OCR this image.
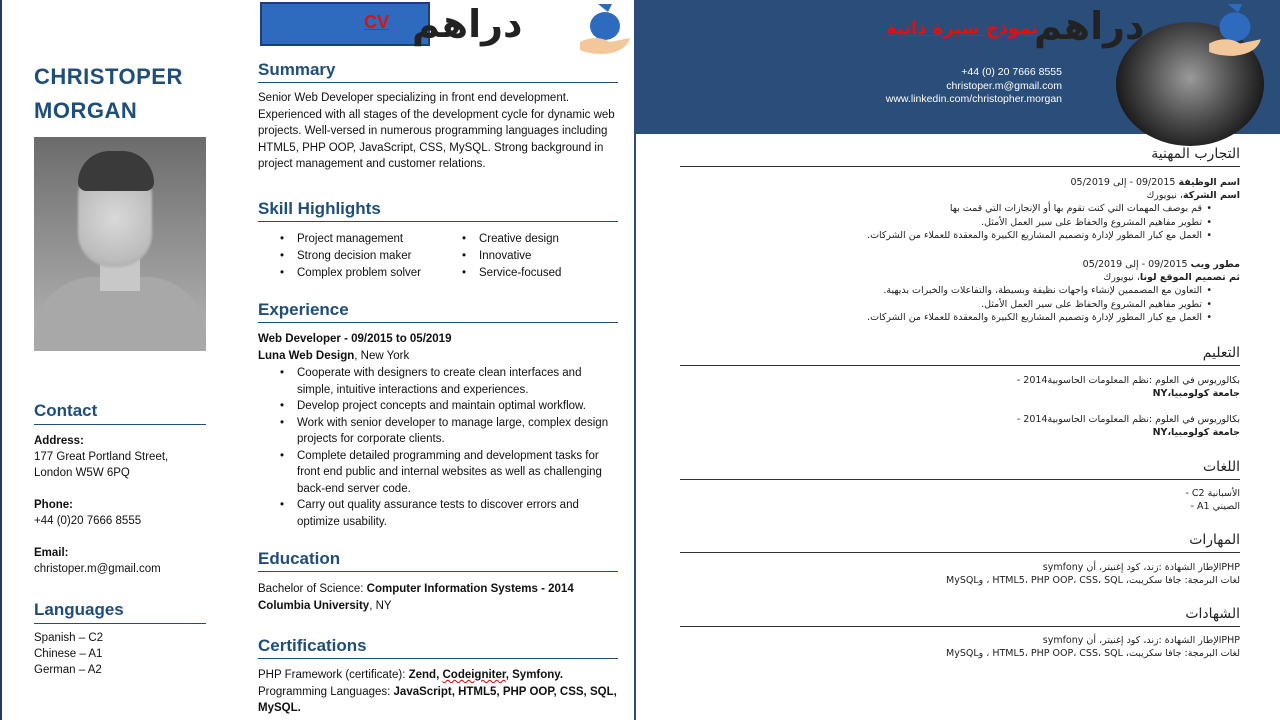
CV دراهم
CHRISTOPER
MORGAN
Contact
Address:
177 Great Portland Street,
London W5W 6PQ
Phone:
+44 (0)20 7666 8555
Email:
christoper.m@gmail.com
Languages
Spanish – C2
Chinese – A1
German – A2
Summary
Senior Web Developer specializing in front end development. Experienced with all stages of the development cycle for dynamic web projects. Well-versed in numerous programming languages including HTML5, PHP OOP, JavaScript, CSS, MySQL. Strong background in project management and customer relations.
Skill Highlights
• Project management
• Strong decision maker
• Complex problem solver
• Creative design
• Innovative
• Service-focused
Experience
Web Developer - 09/2015 to 05/2019
Luna Web Design, New York
• Cooperate with designers to create clean interfaces and simple, intuitive interactions and experiences.
• Develop project concepts and maintain optimal workflow.
• Work with senior developer to manage large, complex design projects for corporate clients.
• Complete detailed programming and development tasks for front end public and internal websites as well as challenging back-end server code.
• Carry out quality assurance tests to discover errors and optimize usability.
Education
Bachelor of Science: Computer Information Systems - 2014
Columbia University, NY
Certifications
PHP Framework (certificate): Zend, Codeigniter, Symfony.
Programming Languages: JavaScript, HTML5, PHP OOP, CSS, SQL,
MySQL.
نموذج سيرة ذاتية
دراهم
+44 (0) 20 7666 8555
christoper.m@gmail.com
www.linkedin.com/christopher.morgan
التجارب المهنية
اسم الوظيفة 09/2015 - إلى 05/2019
اسم الشركة، نيويورك
• قم بوصف المهمات التي كنت تقوم بها أو الإنجازات التي قمت بها
• تطوير مفاهيم المشروع والحفاظ على سير العمل الأمثل.
• العمل مع كبار المطور لإدارة وتصميم المشاريع الكبيرة والمعقدة للعملاء من الشركات.
مطور ويب 09/2015 - إلى 05/2019
ثم تصميم الموقع لونا، نيويورك
• التعاون مع المصممين لإنشاء واجهات نظيفة وبسيطة، والتفاعلات والخبرات بديهية.
• تطوير مفاهيم المشروع والحفاظ على سير العمل الأمثل.
• العمل مع كبار المطور لإدارة وتصميم المشاريع الكبيرة والمعقدة للعملاء من الشركات.
التعليم
بكالوريوس في العلوم :نظم المعلومات الحاسوبية2014 -
جامعة كولومبيا،NY
بكالوريوس في العلوم :نظم المعلومات الحاسوبية2014 -
جامعة كولومبيا،NY
اللغات
الأسبانية C2 -
الصيني A1 -
المهارات
PHPالإطار الشهادة :زند، كود إغنيتر، أن symfony
لغات البرمجة: جافا سكريبت، HTML5، PHP OOP، CSS، SQL ، وMySQL
الشهادات
PHPالإطار الشهادة :زند، كود إغنيتر، أن symfony
لغات البرمجة: جافا سكريبت، HTML5، PHP OOP، CSS، SQL ، وMySQL
